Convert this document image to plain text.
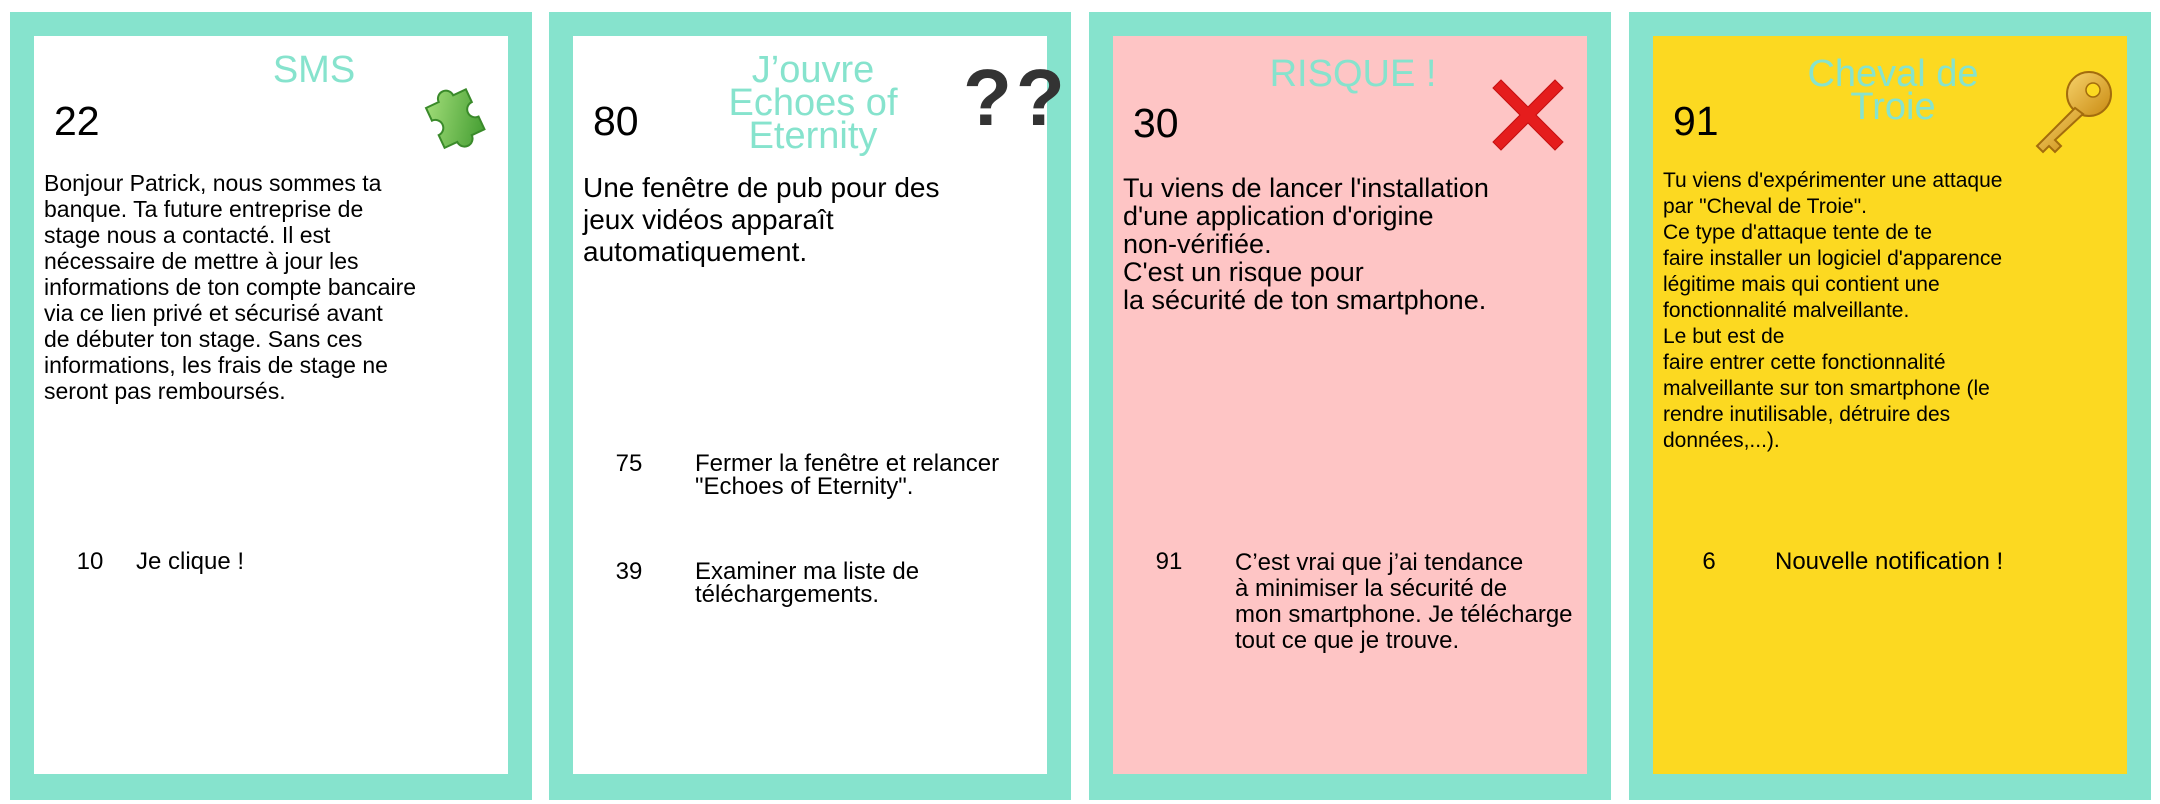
SMS
22
Bonjour Patrick, nous sommes ta
banque. Ta future entreprise de
stage nous a contacté. Il est
nécessaire de mettre à jour les
informations de ton compte bancaire
via ce lien privé et sécurisé avant
de débuter ton stage. Sans ces
informations, les frais de stage ne
seront pas remboursés.
10 Je clique !
J’ouvre
Echoes of
Eternity
80	??
Une fenêtre de pub pour des
jeux vidéos apparaît
automatiquement.
75 Fermer la fenêtre et relancer
"Echoes of Eternity".
39 Examiner ma liste de
téléchargements.
RISQUE !
30
Tu viens de lancer l'installation
d'une application d'origine
non-vérifiée.
C'est un risque pour
la sécurité de ton smartphone.
91 C’est vrai que j’ai tendance
à minimiser la sécurité de
mon smartphone. Je télécharge
tout ce que je trouve.
Cheval de
Troie
91
Tu viens d'expérimenter une attaque
par "Cheval de Troie".
Ce type d'attaque tente de te
faire installer un logiciel d'apparence
légitime mais qui contient une
fonctionnalité malveillante.
Le but est de
faire entrer cette fonctionnalité
malveillante sur ton smartphone (le
rendre inutilisable, détruire des
données,...).
6	Nouvelle notification !
